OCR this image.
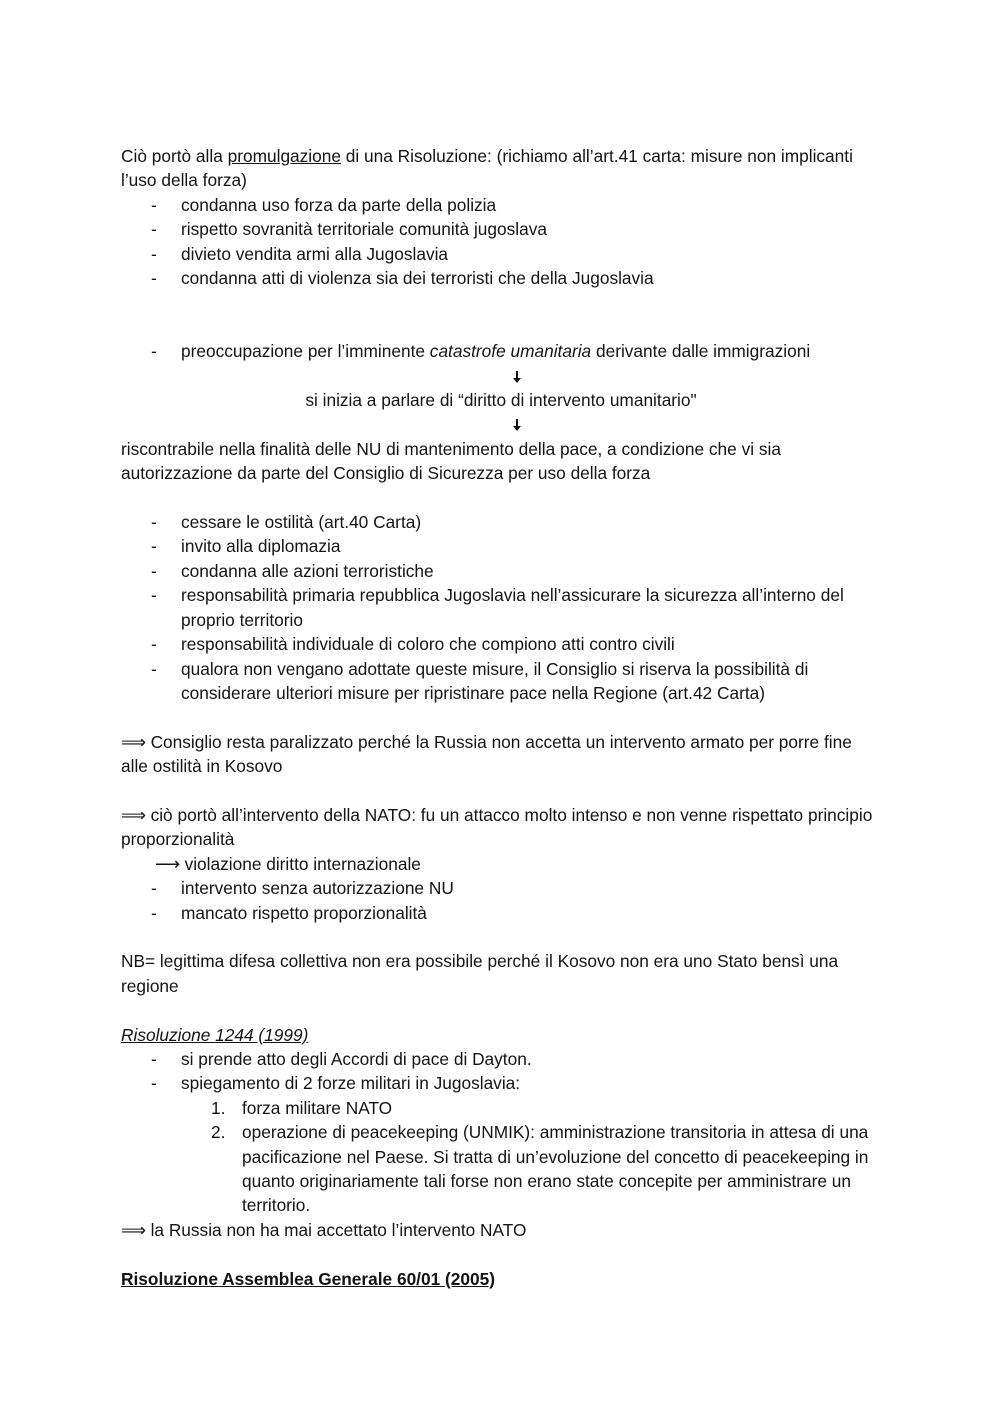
Ciò portò alla promulgazione di una Risoluzione: (richiamo all’art.41 carta: misure non implicanti l’uso della forza)

- condanna uso forza da parte della polizia
- rispetto sovranità territoriale comunità jugoslava
- divieto vendita armi alla Jugoslavia
- condanna atti di violenza sia dei terroristi che della Jugoslavia
- preoccupazione per l’imminente catastrofe umanitaria derivante dalle immigrazioni

si inizia a parlare di “diritto di intervento umanitario"

riscontrabile nella finalità delle NU di mantenimento della pace, a condizione che vi sia autorizzazione da parte del Consiglio di Sicurezza per uso della forza

- cessare le ostilità (art.40 Carta)
- invito alla diplomazia
- condanna alle azioni terroristiche
- responsabilità primaria repubblica Jugoslavia nell’assicurare la sicurezza all’interno del proprio territorio
- responsabilità individuale di coloro che compiono atti contro civili
- qualora non vengano adottate queste misure, il Consiglio si riserva la possibilità di considerare ulteriori misure per ripristinare pace nella Regione (art.42 Carta)

⟹ Consiglio resta paralizzato perché la Russia non accetta un intervento armato per porre fine alle ostilità in Kosovo

⟹ ciò portò all’intervento della NATO: fu un attacco molto intenso e non venne rispettato principio proporzionalità

⟶ violazione diritto internazionale

- intervento senza autorizzazione NU
- mancato rispetto proporzionalità

NB= legittima difesa collettiva non era possibile perché il Kosovo non era uno Stato bensì una regione

Risoluzione 1244 (1999)

- si prende atto degli Accordi di pace di Dayton.
- spiegamento di 2 forze militari in Jugoslavia:
1. forza militare NATO
2. operazione di peacekeeping (UNMIK): amministrazione transitoria in attesa di una pacificazione nel Paese. Si tratta di un’evoluzione del concetto di peacekeeping in quanto originariamente tali forse non erano state concepite per amministrare un territorio.

⟹ la Russia non ha mai accettato l’intervento NATO

Risoluzione Assemblea Generale 60/01 (2005)
